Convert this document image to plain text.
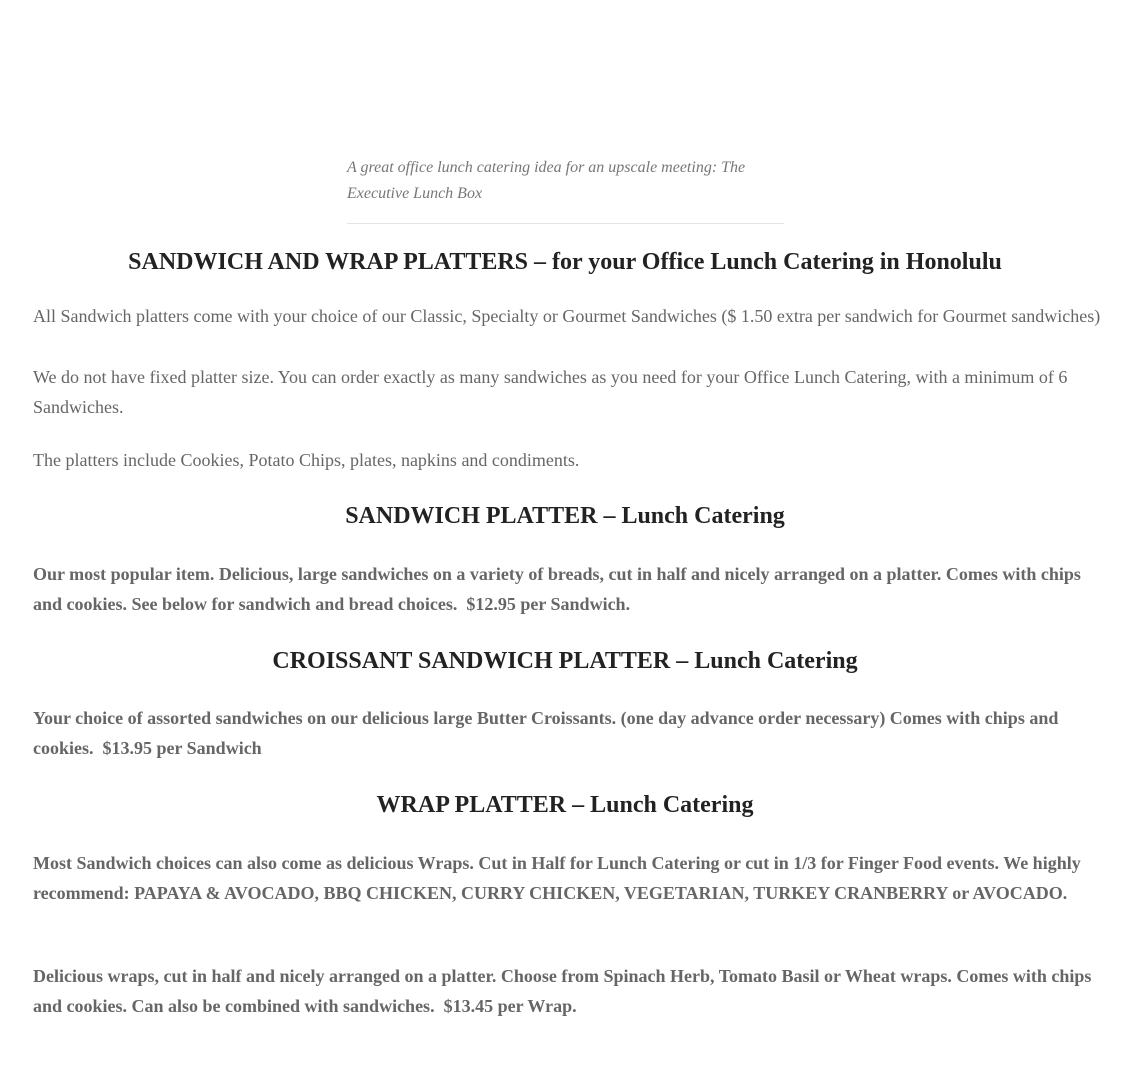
A great office lunch catering idea for an upscale meeting: The Executive Lunch Box
SANDWICH AND WRAP PLATTERS – for your Office Lunch Catering in Honolulu

All Sandwich platters come with your choice of our Classic, Specialty or Gourmet Sandwiches ($ 1.50 extra per sandwich for Gourmet sandwiches)

We do not have fixed platter size. You can order exactly as many sandwiches as you need for your Office Lunch Catering, with a minimum of 6 Sandwiches.

The platters include Cookies, Potato Chips, plates, napkins and condiments.

SANDWICH PLATTER – Lunch Catering

Our most popular item. Delicious, large sandwiches on a variety of breads, cut in half and nicely arranged on a platter. Comes with chips and cookies. See below for sandwich and bread choices.  $12.95 per Sandwich.

CROISSANT SANDWICH PLATTER – Lunch Catering

Your choice of assorted sandwiches on our delicious large Butter Croissants. (one day advance order necessary) Comes with chips and cookies.  $13.95 per Sandwich

WRAP PLATTER – Lunch Catering

Most Sandwich choices can also come as delicious Wraps. Cut in Half for Lunch Catering or cut in 1/3 for Finger Food events. We highly recommend: PAPAYA & AVOCADO, BBQ CHICKEN, CURRY CHICKEN, VEGETARIAN, TURKEY CRANBERRY or AVOCADO.

Delicious wraps, cut in half and nicely arranged on a platter. Choose from Spinach Herb, Tomato Basil or Wheat wraps. Comes with chips and cookies. Can also be combined with sandwiches.  $13.45 per Wrap.
